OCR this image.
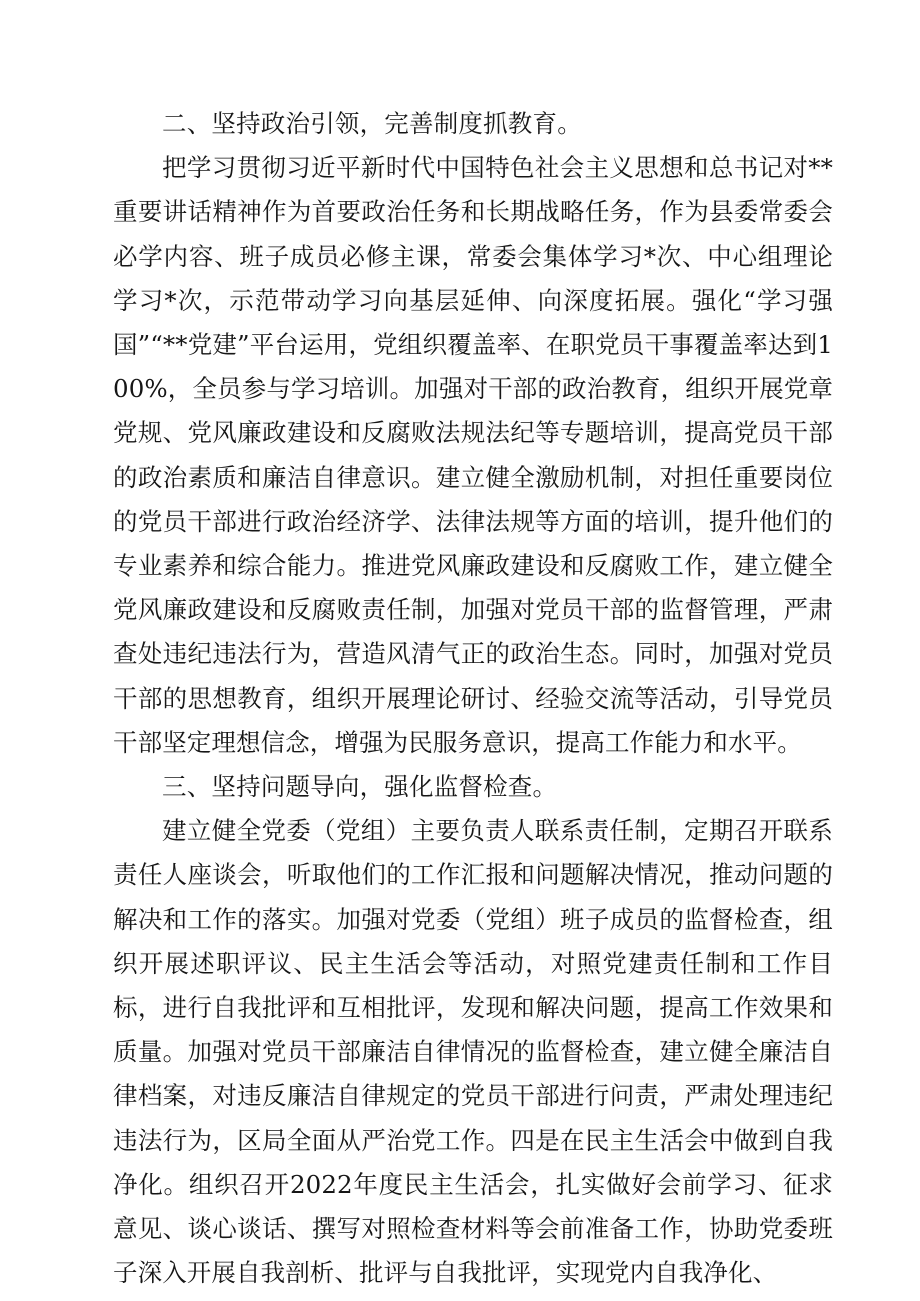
二、坚持政治引领，完善制度抓教育。

把学习贯彻习近平新时代中国特色社会主义思想和总书记对**重要讲话精神作为首要政治任务和长期战略任务，作为县委常委会必学内容、班子成员必修主课，常委会集体学习*次、中心组理论学习*次，示范带动学习向基层延伸、向深度拓展。强化“学习强国”“**党建”平台运用，党组织覆盖率、在职党员干事覆盖率达到100%，全员参与学习培训。加强对干部的政治教育，组织开展党章党规、党风廉政建设和反腐败法规法纪等专题培训，提高党员干部的政治素质和廉洁自律意识。建立健全激励机制，对担任重要岗位的党员干部进行政治经济学、法律法规等方面的培训，提升他们的专业素养和综合能力。推进党风廉政建设和反腐败工作，建立健全党风廉政建设和反腐败责任制，加强对党员干部的监督管理，严肃查处违纪违法行为，营造风清气正的政治生态。同时，加强对党员干部的思想教育，组织开展理论研讨、经验交流等活动，引导党员干部坚定理想信念，增强为民服务意识，提高工作能力和水平。

三、坚持问题导向，强化监督检查。

建立健全党委（党组）主要负责人联系责任制，定期召开联系责任人座谈会，听取他们的工作汇报和问题解决情况，推动问题的解决和工作的落实。加强对党委（党组）班子成员的监督检查，组织开展述职评议、民主生活会等活动，对照党建责任制和工作目标，进行自我批评和互相批评，发现和解决问题，提高工作效果和质量。加强对党员干部廉洁自律情况的监督检查，建立健全廉洁自律档案，对违反廉洁自律规定的党员干部进行问责，严肃处理违纪违法行为，区局全面从严治党工作。四是在民主生活会中做到自我净化。组织召开2022年度民主生活会，扎实做好会前学习、征求意见、谈心谈话、撰写对照检查材料等会前准备工作，协助党委班子深入开展自我剖析、批评与自我批评，实现党内自我净化、
